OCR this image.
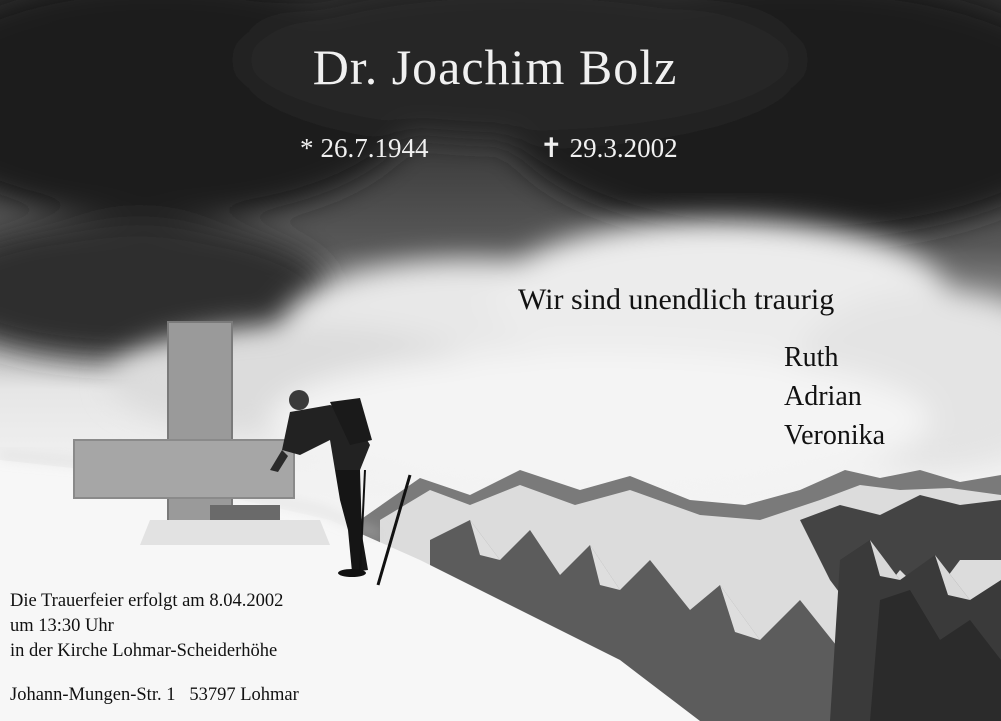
Dr. Joachim Bolz
* 26.7.1944	✝ 29.3.2002
Wir sind unendlich traurig
Ruth
Adrian
Veronika
Die Trauerfeier erfolgt am 8.04.2002
um 13:30 Uhr
in der Kirche Lohmar-Scheiderhöhe
Johann-Mungen-Str. 1   53797 Lohmar
